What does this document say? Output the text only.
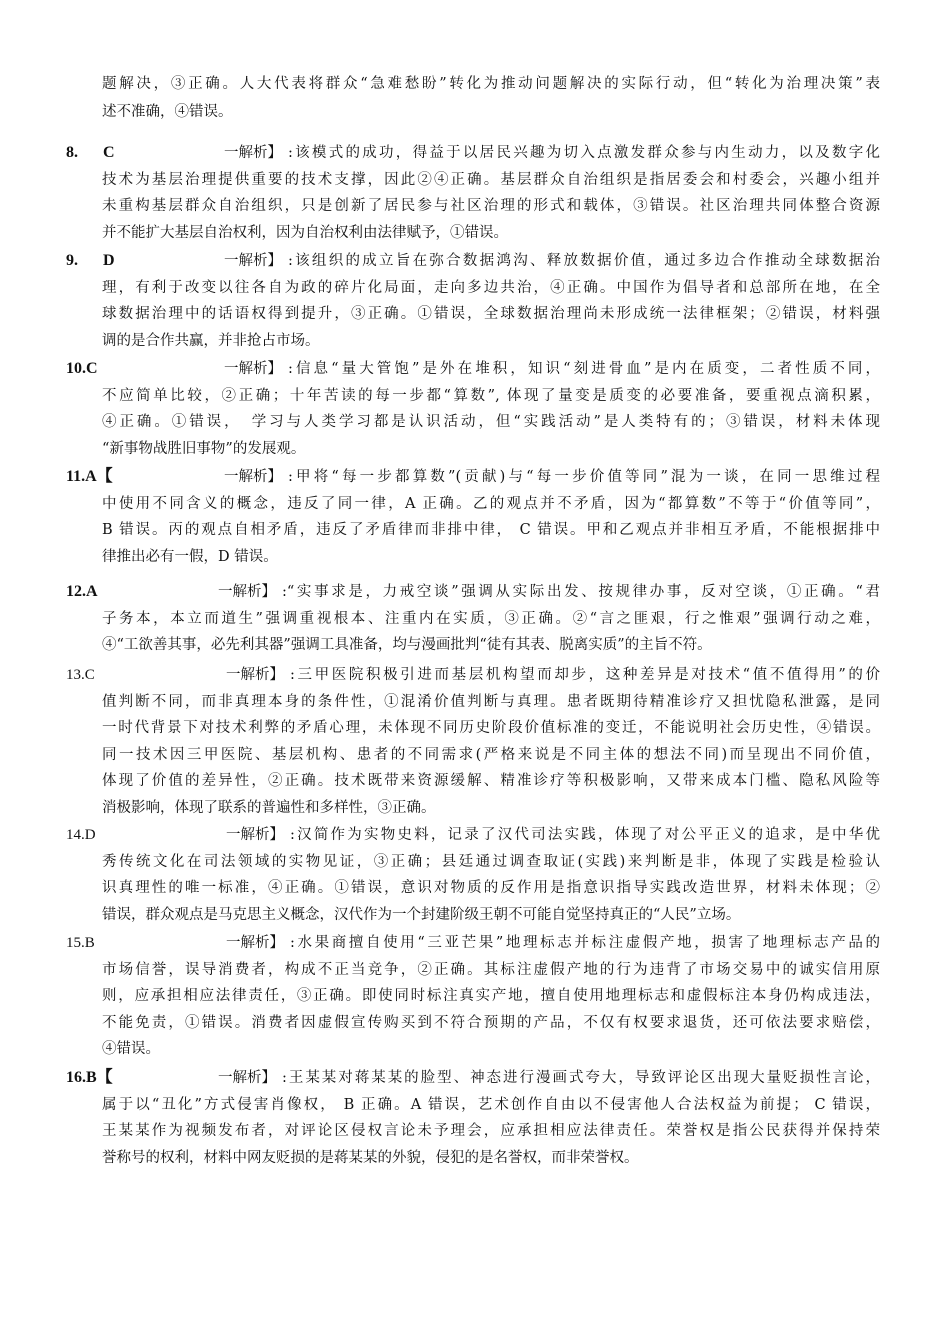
题解决，③正确。人大代表将群众“急难愁盼”转化为推动问题解决的实际行动，但“转化为治理决策”表
述不准确，④错误。
8. C	一解析】 :该模式的成功，得益于以居民兴趣为切入点激发群众参与内生动力，以及数字化
技术为基层治理提供重要的技术支撑，因此②④正确。基层群众自治组织是指居委会和村委会，兴趣小组并
未重构基层群众自治组织，只是创新了居民参与社区治理的形式和载体，③错误。社区治理共同体整合资源
并不能扩大基层自治权利，因为自治权利由法律赋予，①错误。
9. D	一解析】 :该组织的成立旨在弥合数据鸿沟、释放数据价值，通过多边合作推动全球数据治
理，有利于改变以往各自为政的碎片化局面，走向多边共治，④正确。中国作为倡导者和总部所在地，在全
球数据治理中的话语权得到提升，③正确。①错误，全球数据治理尚未形成统一法律框架；②错误，材料强
调的是合作共赢，并非抢占市场。
10.C	一解析】 :信息“量大管饱”是外在堆积，知识“刻进骨血”是内在质变，二者性质不同，
不应简单比较，②正确；十年苦读的每一步都“算数”, 体现了量变是质变的必要准备，要重视点滴积累，
④正确。①错误，　学习与人类学习都是认识活动，但“实践活动”是人类特有的；③错误，材料未体现
“新事物战胜旧事物”的发展观。
11.A【	一解析】 :甲将“每一步都算数”(贡献)与“每一步价值等同”混为一谈，在同一思维过程
中使用不同含义的概念，违反了同一律，A 正确。乙的观点并不矛盾，因为“都算数”不等于“价值等同”，
B 错误。丙的观点自相矛盾，违反了矛盾律而非排中律， C 错误。甲和乙观点并非相互矛盾，不能根据排中
律推出必有一假，D 错误。
12.A	一解析】 :“实事求是，力戒空谈”强调从实际出发、按规律办事，反对空谈，①正确。“君
子务本，本立而道生”强调重视根本、注重内在实质，③正确。②“言之匪艰，行之惟艰”强调行动之难，
④“工欲善其事，必先利其器”强调工具准备，均与漫画批判“徒有其表、脱离实质”的主旨不符。
13.C	一解析】 :三甲医院积极引进而基层机构望而却步，这种差异是对技术“值不值得用”的价
值判断不同，而非真理本身的条件性，①混淆价值判断与真理。患者既期待精准诊疗又担忧隐私泄露，是同
一时代背景下对技术利弊的矛盾心理，未体现不同历史阶段价值标准的变迁，不能说明社会历史性，④错误。
同一技术因三甲医院、基层机构、患者的不同需求(严格来说是不同主体的想法不同)而呈现出不同价值，
体现了价值的差异性，②正确。技术既带来资源缓解、精准诊疗等积极影响，又带来成本门槛、隐私风险等
消极影响，体现了联系的普遍性和多样性，③正确。
14.D	一解析】 :汉简作为实物史料，记录了汉代司法实践，体现了对公平正义的追求，是中华优
秀传统文化在司法领域的实物见证，③正确；县廷通过调查取证(实践)来判断是非，体现了实践是检验认
识真理性的唯一标准，④正确。①错误，意识对物质的反作用是指意识指导实践改造世界，材料未体现；②
错误，群众观点是马克思主义概念，汉代作为一个封建阶级王朝不可能自觉坚持真正的“人民”立场。
15.B	一解析】 :水果商擅自使用“三亚芒果”地理标志并标注虚假产地，损害了地理标志产品的
市场信誉，误导消费者，构成不正当竞争，②正确。其标注虚假产地的行为违背了市场交易中的诚实信用原
则，应承担相应法律责任，③正确。即使同时标注真实产地，擅自使用地理标志和虚假标注本身仍构成违法，
不能免责，①错误。消费者因虚假宣传购买到不符合预期的产品，不仅有权要求退货，还可依法要求赔偿，
④错误。
16.B【	一解析】 :王某某对蒋某某的脸型、神态进行漫画式夸大，导致评论区出现大量贬损性言论，
属于以“丑化”方式侵害肖像权， B 正确。A 错误，艺术创作自由以不侵害他人合法权益为前提； C 错误，
王某某作为视频发布者，对评论区侵权言论未予理会，应承担相应法律责任。荣誉权是指公民获得并保持荣
誉称号的权利，材料中网友贬损的是蒋某某的外貌，侵犯的是名誉权，而非荣誉权。
